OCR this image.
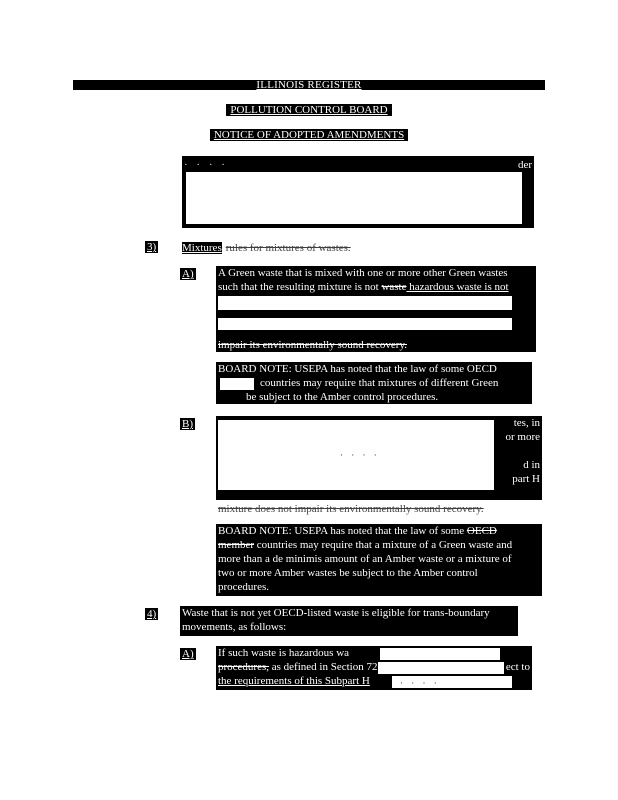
ILLINOIS REGISTER
POLLUTION CONTROL BOARD
NOTICE OF ADOPTED AMENDMENTS
· · · ·	der
3) Mixtures rules for mixtures of wastes.
A) A Green waste that is mixed with one or more other Green wastes

such that the resulting mixture is not waste hazardous waste is not

impair its environmentally sound recovery.

BOARD NOTE: USEPA has noted that the law of some OECD

countries may require that mixtures of different Green

be subject to the Amber control procedures.

B)	tes, in

or more

d in

part H

· · · ·
mixture does not impair its environmentally sound recovery.

BOARD NOTE: USEPA has noted that the law of some OECD

member countries may require that a mixture of a Green waste and

more than a de minimis amount of an Amber waste or a mixture of

two or more Amber wastes be subject to the Amber control

procedures.

4) Waste that is not yet OECD-listed waste is eligible for trans-boundary

movements, as follows:

A) If such waste is hazardous wa

procedures, as defined in Section 72	ect to

the requirements of this Subpart H	· · · ·
